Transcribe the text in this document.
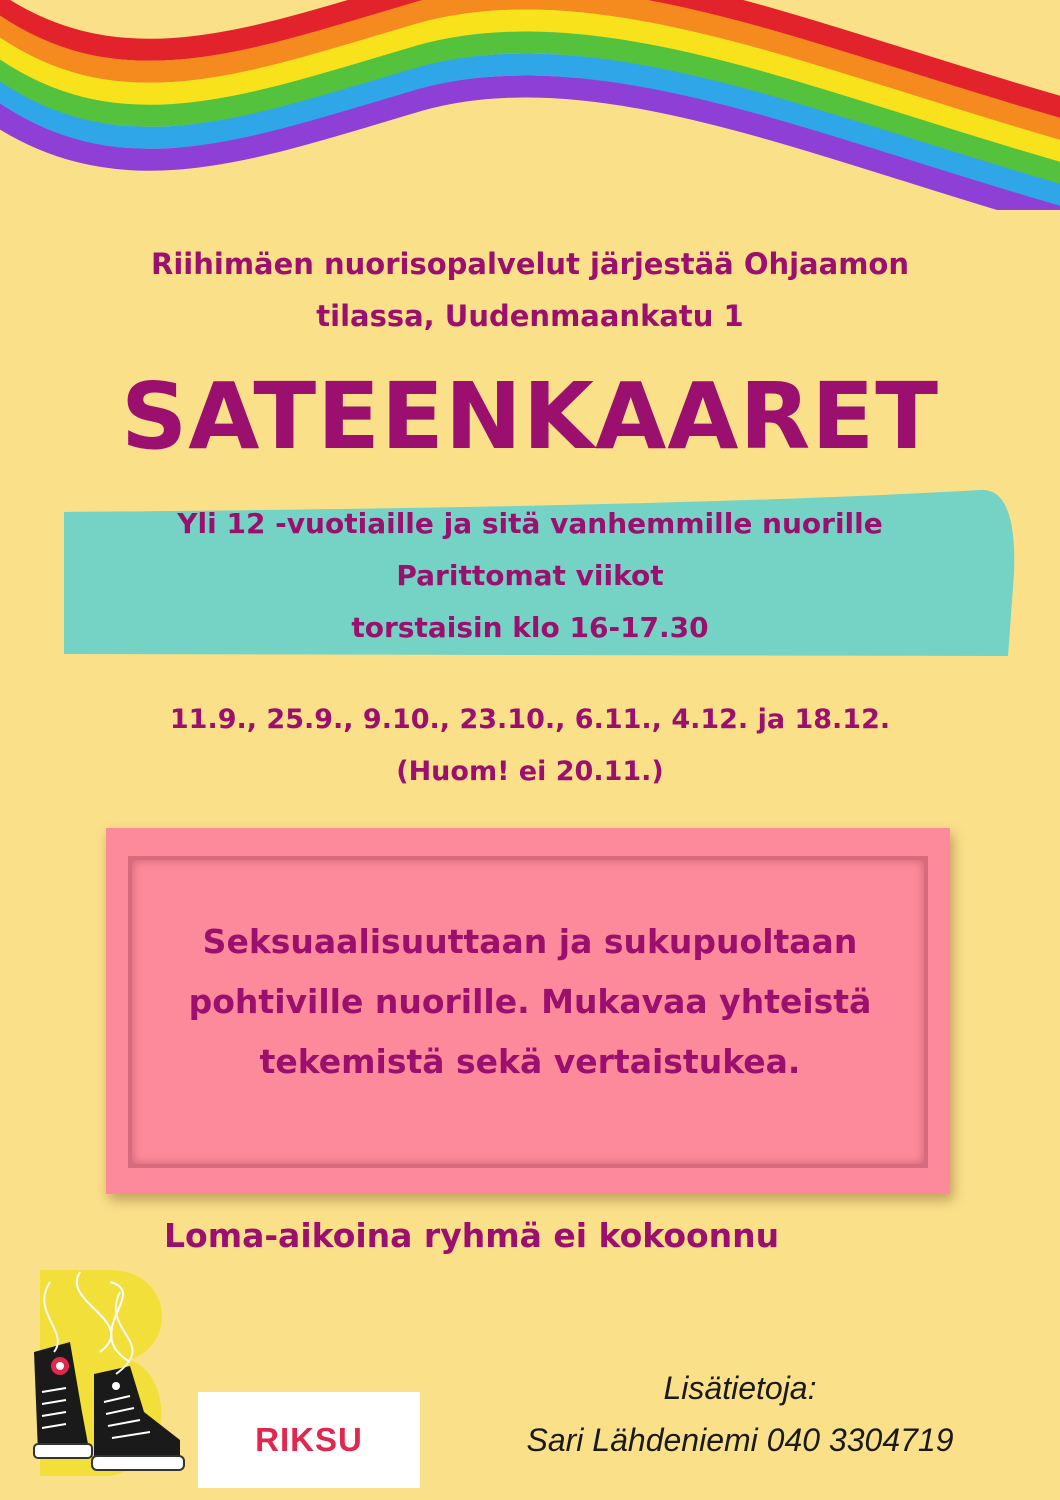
Riihimäen nuorisopalvelut järjestää Ohjaamon
tilassa, Uudenmaankatu 1
SATEENKAARET
Yli 12 -vuotiaille ja sitä vanhemmille nuorille
Parittomat viikot
torstaisin klo 16-17.30
11.9., 25.9., 9.10., 23.10., 6.11., 4.12. ja 18.12.
(Huom! ei 20.11.)
Seksuaalisuuttaan ja sukupuoltaan
pohtiville nuorille. Mukavaa yhteistä
tekemistä sekä vertaistukea.
Loma-aikoina ryhmä ei kokoonnu
RIKSU
Lisätietoja:
Sari Lähdeniemi 040 3304719
